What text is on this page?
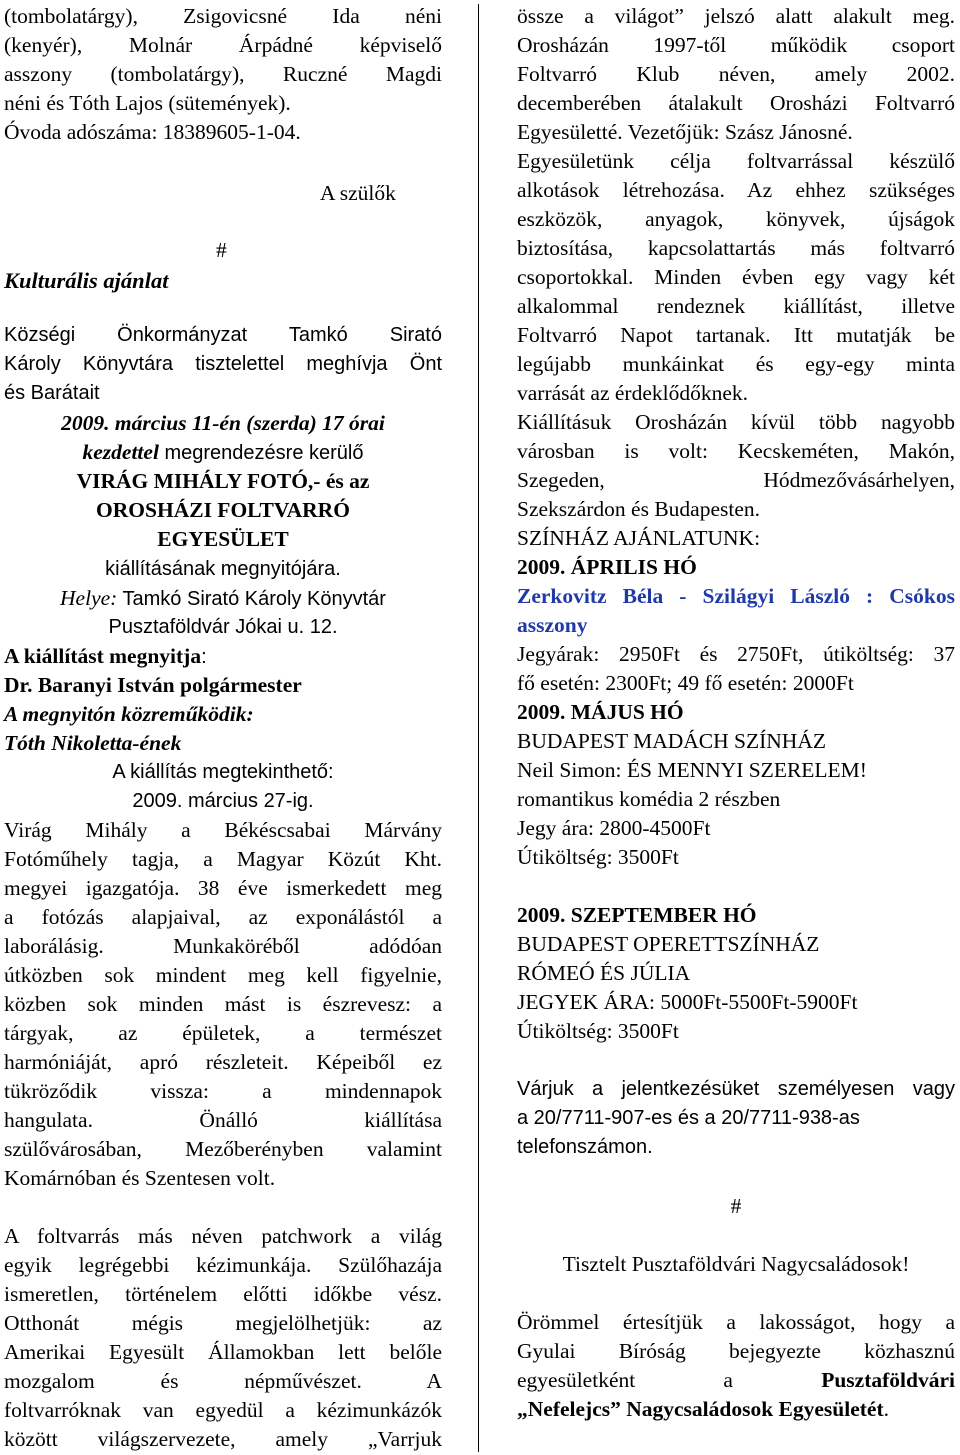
(tombolatárgy), Zsigovicsné Ida néni
(kenyér), Molnár Árpádné képviselő
asszony (tombolatárgy), Ruczné Magdi
néni és Tóth Lajos (sütemények).
Óvoda adószáma: 18389605-1-04.
A szülők
#
Kulturális ajánlat
Községi Önkormányzat Tamkó Sirató
Károly Könyvtára tisztelettel meghívja Önt
és Barátait
2009. március 11-én (szerda) 17 órai
kezdettel megrendezésre kerülő
VIRÁG MIHÁLY FOTÓ,- és az
OROSHÁZI FOLTVARRÓ
EGYESÜLET
kiállításának megnyitójára.
Helye: Tamkó Sirató Károly Könyvtár
Pusztaföldvár Jókai u. 12.
A kiállítást megnyitja:
Dr. Baranyi István polgármester
A megnyitón közreműködik:
Tóth Nikoletta-ének
A kiállítás megtekinthető:
2009. március 27-ig.
Virág Mihály a Békéscsabai Márvány
Fotóműhely tagja, a Magyar Közút Kht.
megyei igazgatója. 38 éve ismerkedett meg
a fotózás alapjaival, az exponálástól a
laborálásig. Munkaköréből adódóan
útközben sok mindent meg kell figyelnie,
közben sok minden mást is észrevesz: a
tárgyak, az épületek, a természet
harmóniáját, apró részleteit. Képeiből ez
tükröződik vissza: a mindennapok
hangulata. Önálló kiállítása
szülővárosában, Mezőberényben valamint
Komárnóban és Szentesen volt.
A foltvarrás más néven patchwork a világ
egyik legrégebbi kézimunkája. Szülőhazája
ismeretlen, történelem előtti időkbe vész.
Otthonát mégis megjelölhetjük: az
Amerikai Egyesült Államokban lett belőle
mozgalom és népművészet. A
foltvarróknak van egyedül a kézimunkázók
között világszervezete, amely „Varrjuk
össze a világot” jelszó alatt alakult meg.
Orosházán 1997-től működik csoport
Foltvarró Klub néven, amely 2002.
decemberében átalakult Orosházi Foltvarró
Egyesületté. Vezetőjük: Szász Jánosné.
Egyesületünk célja foltvarrással készülő
alkotások létrehozása. Az ehhez szükséges
eszközök, anyagok, könyvek, újságok
biztosítása, kapcsolattartás más foltvarró
csoportokkal. Minden évben egy vagy két
alkalommal rendeznek kiállítást, illetve
Foltvarró Napot tartanak. Itt mutatják be
legújabb munkáinkat és egy-egy minta
varrását az érdeklődőknek.
Kiállításuk Orosházán kívül több nagyobb
városban is volt: Kecskeméten, Makón,
Szegeden, Hódmezővásárhelyen,
Szekszárdon és Budapesten.
SZÍNHÁZ AJÁNLATUNK:
2009. ÁPRILIS HÓ
Zerkovitz Béla - Szilágyi László : Csókos
asszony
Jegyárak: 2950Ft és 2750Ft, útiköltség: 37
fő esetén: 2300Ft; 49 fő esetén: 2000Ft
2009. MÁJUS HÓ
BUDAPEST MADÁCH SZÍNHÁZ
Neil Simon: ÉS MENNYI SZERELEM!
romantikus komédia 2 részben
Jegy ára: 2800-4500Ft
Útiköltség: 3500Ft
2009. SZEPTEMBER HÓ
BUDAPEST OPERETTSZÍNHÁZ
RÓMEÓ ÉS JÚLIA
JEGYEK ÁRA: 5000Ft-5500Ft-5900Ft
Útiköltség: 3500Ft
Várjuk a jelentkezésüket személyesen vagy
a 20/7711-907-es és a 20/7711-938-as
telefonszámon.
#
Tisztelt Pusztaföldvári Nagycsaládosok!
Örömmel értesítjük a lakosságot, hogy a
Gyulai Bíróság bejegyezte közhasznú
egyesületként a Pusztaföldvári
„Nefelejcs” Nagycsaládosok Egyesületét.
